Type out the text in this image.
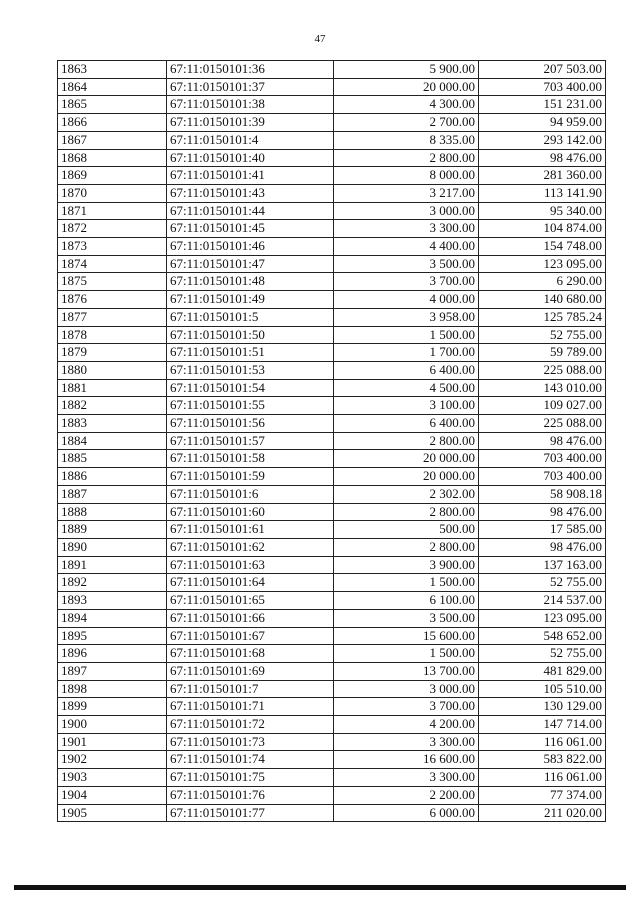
47
1863	67:11:0150101:36	5 900.00	207 503.00
1864	67:11:0150101:37	20 000.00	703 400.00
1865	67:11:0150101:38	4 300.00	151 231.00
1866	67:11:0150101:39	2 700.00	94 959.00
1867	67:11:0150101:4	8 335.00	293 142.00
1868	67:11:0150101:40	2 800.00	98 476.00
1869	67:11:0150101:41	8 000.00	281 360.00
1870	67:11:0150101:43	3 217.00	113 141.90
1871	67:11:0150101:44	3 000.00	95 340.00
1872	67:11:0150101:45	3 300.00	104 874.00
1873	67:11:0150101:46	4 400.00	154 748.00
1874	67:11:0150101:47	3 500.00	123 095.00
1875	67:11:0150101:48	3 700.00	6 290.00
1876	67:11:0150101:49	4 000.00	140 680.00
1877	67:11:0150101:5	3 958.00	125 785.24
1878	67:11:0150101:50	1 500.00	52 755.00
1879	67:11:0150101:51	1 700.00	59 789.00
1880	67:11:0150101:53	6 400.00	225 088.00
1881	67:11:0150101:54	4 500.00	143 010.00
1882	67:11:0150101:55	3 100.00	109 027.00
1883	67:11:0150101:56	6 400.00	225 088.00
1884	67:11:0150101:57	2 800.00	98 476.00
1885	67:11:0150101:58	20 000.00	703 400.00
1886	67:11:0150101:59	20 000.00	703 400.00
1887	67:11:0150101:6	2 302.00	58 908.18
1888	67:11:0150101:60	2 800.00	98 476.00
1889	67:11:0150101:61	500.00	17 585.00
1890	67:11:0150101:62	2 800.00	98 476.00
1891	67:11:0150101:63	3 900.00	137 163.00
1892	67:11:0150101:64	1 500.00	52 755.00
1893	67:11:0150101:65	6 100.00	214 537.00
1894	67:11:0150101:66	3 500.00	123 095.00
1895	67:11:0150101:67	15 600.00	548 652.00
1896	67:11:0150101:68	1 500.00	52 755.00
1897	67:11:0150101:69	13 700.00	481 829.00
1898	67:11:0150101:7	3 000.00	105 510.00
1899	67:11:0150101:71	3 700.00	130 129.00
1900	67:11:0150101:72	4 200.00	147 714.00
1901	67:11:0150101:73	3 300.00	116 061.00
1902	67:11:0150101:74	16 600.00	583 822.00
1903	67:11:0150101:75	3 300.00	116 061.00
1904	67:11:0150101:76	2 200.00	77 374.00
1905	67:11:0150101:77	6 000.00	211 020.00
